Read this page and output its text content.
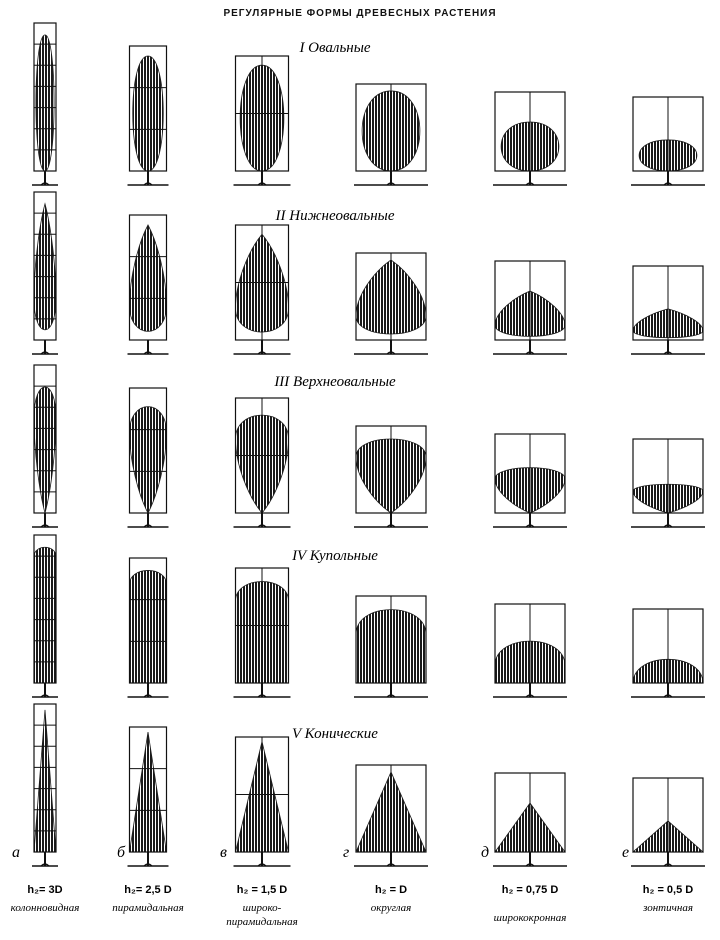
РЕГУЛЯРНЫЕ ФОРМЫ ДРЕВЕСНЫХ РАСТЕНИЯ
I Овальные
II Нижнеовальные
III Верхнеовальные
IV Купольные
V Конические
а
h₂= 3D
колонновидная
б
h₂= 2,5 D
пирамидальная
в
h₂ = 1,5 D
широко-
пирамидальная
г
h₂ = D
округлая
д
h₂ = 0,75 D
ширококронная
е
h₂ = 0,5 D
зонтичная
